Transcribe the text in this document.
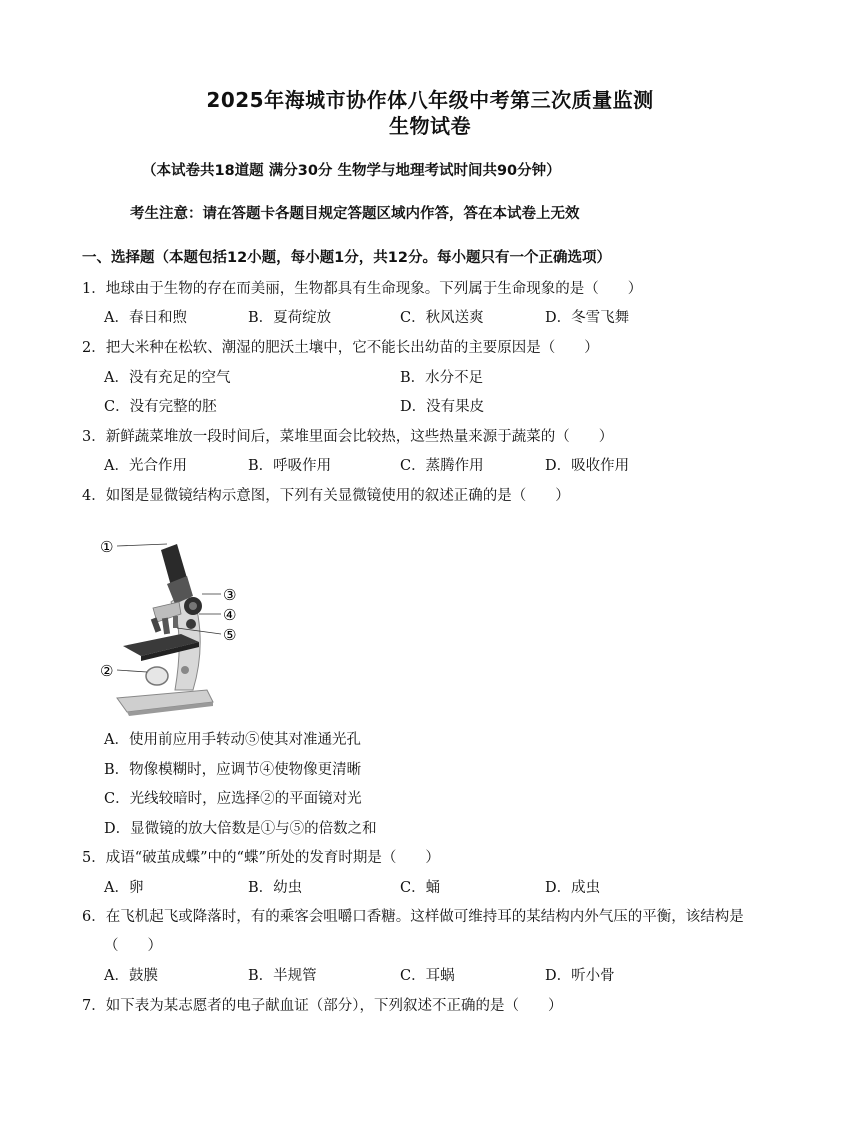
2025年海城市协作体八年级中考第三次质量监测
生物试卷
（本试卷共18道题 满分30分 生物学与地理考试时间共90分钟）
考生注意：请在答题卡各题目规定答题区域内作答，答在本试卷上无效
一、选择题（本题包括12小题，每小题1分，共12分。每小题只有一个正确选项）
1．地球由于生物的存在而美丽，生物都具有生命现象。下列属于生命现象的是（　　）
A．春日和煦	B．夏荷绽放	C．秋风送爽	D．冬雪飞舞
2．把大米种在松软、潮湿的肥沃土壤中，它不能长出幼苗的主要原因是（　　）
A．没有充足的空气	B．水分不足
C．没有完整的胚	D．没有果皮
3．新鲜蔬菜堆放一段时间后，菜堆里面会比较热，这些热量来源于蔬菜的（　　）
A．光合作用	B．呼吸作用	C．蒸腾作用	D．吸收作用
4．如图是显微镜结构示意图，下列有关显微镜使用的叙述正确的是（　　）
①
②
③
④
⑤
A．使用前应用手转动⑤使其对准通光孔
B．物像模糊时，应调节④使物像更清晰
C．光线较暗时，应选择②的平面镜对光
D．显微镜的放大倍数是①与⑤的倍数之和
5．成语“破茧成蝶”中的“蝶”所处的发育时期是（　　）
A．卵	B．幼虫	C．蛹	D．成虫
6．在飞机起飞或降落时，有的乘客会咀嚼口香糖。这样做可维持耳的某结构内外气压的平衡，该结构是
（　　）
A．鼓膜	B．半规管	C．耳蜗	D．听小骨
7．如下表为某志愿者的电子献血证（部分），下列叙述不正确的是（　　）
